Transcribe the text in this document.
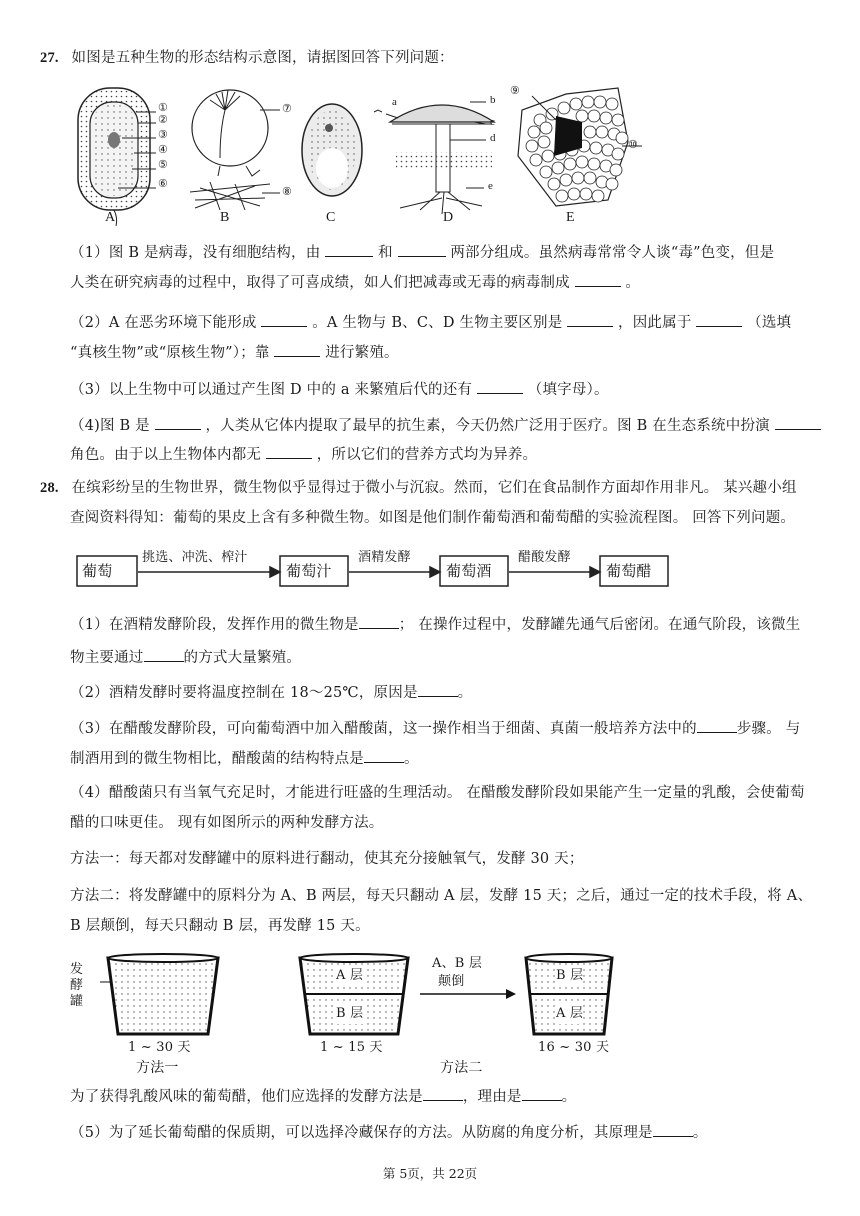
27. 如图是五种生物的形态结构示意图，请据图回答下列问题：
①
②
③
④
⑤
⑥
⑦
⑧
a	b
c
d
e
⑨
⑩
A	B	C	D	E
（1）图 B 是病毒，没有细胞结构，由	和	两部分组成。虽然病毒常常令人谈“毒”色变，但是
人类在研究病毒的过程中，取得了可喜成绩，如人们把减毒或无毒的病毒制成	。
（2）A 在恶劣环境下能形成	。A 生物与 B、C、D 生物主要区别是	，因此属于	（选填
“真核生物”或“原核生物”）；靠	进行繁殖。
（3）以上生物中可以通过产生图 D 中的 a 来繁殖后代的还有	（填字母）。
（4)图 B 是	，人类从它体内提取了最早的抗生素，今天仍然广泛用于医疗。图 B 在生态系统中扮演
角色。由于以上生物体内都无	，所以它们的营养方式均为异养。
28. 在缤彩纷呈的生物世界，微生物似乎显得过于微小与沉寂。然而，它们在食品制作方面却作用非凡。 某兴趣小组
查阅资料得知：葡萄的果皮上含有多种微生物。如图是他们制作葡萄酒和葡萄醋的实验流程图。 回答下列问题。
葡萄	葡萄汁	葡萄酒	葡萄醋
挑选、冲洗、榨汁	酒精发酵	醋酸发酵
（1）在酒精发酵阶段，发挥作用的微生物是	； 在操作过程中，发酵罐先通气后密闭。在通气阶段，该微生
物主要通过	的方式大量繁殖。
（2）酒精发酵时要将温度控制在 18～25℃，原因是	。
（3）在醋酸发酵阶段，可向葡萄酒中加入醋酸菌，这一操作相当于细菌、真菌一般培养方法中的	步骤。 与
制酒用到的微生物相比，醋酸菌的结构特点是	。
（4）醋酸菌只有当氧气充足时，才能进行旺盛的生理活动。 在醋酸发酵阶段如果能产生一定量的乳酸，会使葡萄
醋的口味更佳。 现有如图所示的两种发酵方法。
方法一：每天都对发酵罐中的原料进行翻动，使其充分接触氧气，发酵 30 天；
方法二：将发酵罐中的原料分为 A、B 两层，每天只翻动 A 层，发酵 15 天；之后，通过一定的技术手段，将 A、
B 层颠倒，每天只翻动 B 层，再发酵 15 天。
发酵罐
1 ~ 30 天
方法一
A 层
B 层
1 ~ 15 天
A、B 层
颠倒	B 层
A 层
16 ~ 30 天
方法二
为了获得乳酸风味的葡萄醋，他们应选择的发酵方法是	，理由是	。
（5）为了延长葡萄醋的保质期，可以选择冷藏保存的方法。从防腐的角度分析，其原理是	。
第 5页，共 22页
